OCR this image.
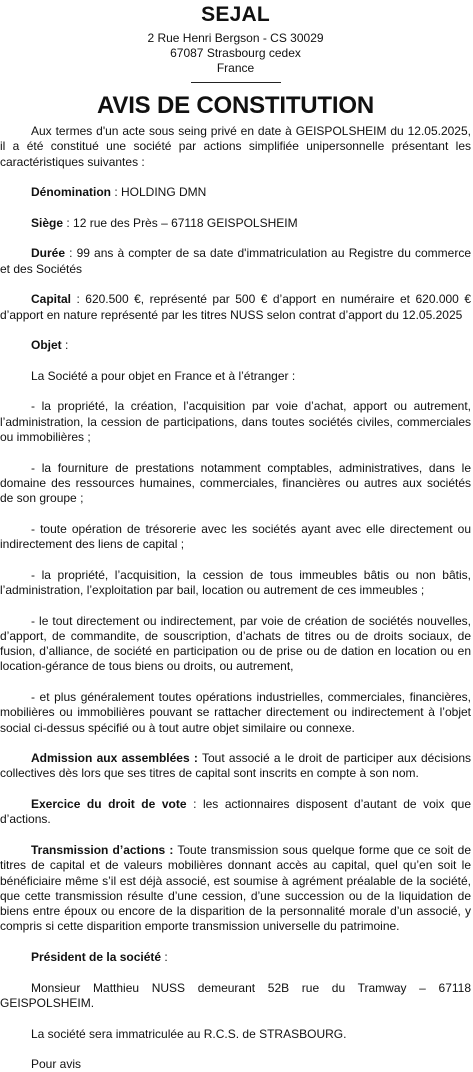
SEJAL
2 Rue Henri Bergson - CS 30029
67087 Strasbourg cedex
France
AVIS DE CONSTITUTION

Aux termes d'un acte sous seing privé en date à GEISPOLSHEIM du 12.05.2025, il a été constitué une société par actions simplifiée unipersonnelle présentant les caractéristiques suivantes :

Dénomination : HOLDING DMN

Siège : 12 rue des Près – 67118 GEISPOLSHEIM

Durée : 99 ans à compter de sa date d'immatriculation au Registre du commerce et des Sociétés

Capital : 620.500 €, représenté par 500 € d’apport en numéraire et 620.000 € d’apport en nature représenté par les titres NUSS selon contrat d’apport du 12.05.2025

Objet :

La Société a pour objet en France et à l’étranger :

- la propriété, la création, l’acquisition par voie d’achat, apport ou autrement, l’administration, la cession de participations, dans toutes sociétés civiles, commerciales ou immobilières ;

- la fourniture de prestations notamment comptables, administratives, dans le domaine des ressources humaines, commerciales, financières ou autres aux sociétés de son groupe ;

- toute opération de trésorerie avec les sociétés ayant avec elle directement ou indirectement des liens de capital ;

- la propriété, l’acquisition, la cession de tous immeubles bâtis ou non bâtis, l’administration, l’exploitation par bail, location ou autrement de ces immeubles ;

- le tout directement ou indirectement, par voie de création de sociétés nouvelles, d’apport, de commandite, de souscription, d’achats de titres ou de droits sociaux, de fusion, d’alliance, de société en participation ou de prise ou de dation en location ou en location-gérance de tous biens ou droits, ou autrement,

- et plus généralement toutes opérations industrielles, commerciales, financières, mobilières ou immobilières pouvant se rattacher directement ou indirectement à l’objet social ci-dessus spécifié ou à tout autre objet similaire ou connexe.

Admission aux assemblées : Tout associé a le droit de participer aux décisions collectives dès lors que ses titres de capital sont inscrits en compte à son nom.

Exercice du droit de vote : les actionnaires disposent d’autant de voix que d’actions.

Transmission d’actions : Toute transmission sous quelque forme que ce soit de titres de capital et de valeurs mobilières donnant accès au capital, quel qu’en soit le bénéficiaire même s’il est déjà associé, est soumise à agrément préalable de la société, que cette transmission résulte d’une cession, d’une succession ou de la liquidation de biens entre époux ou encore de la disparition de la personnalité morale d’un associé, y compris si cette disparition emporte transmission universelle du patrimoine.

Président de la société :

Monsieur Matthieu NUSS demeurant 52B rue du Tramway – 67118 GEISPOLSHEIM.

La société sera immatriculée au R.C.S. de STRASBOURG.

Pour avis
